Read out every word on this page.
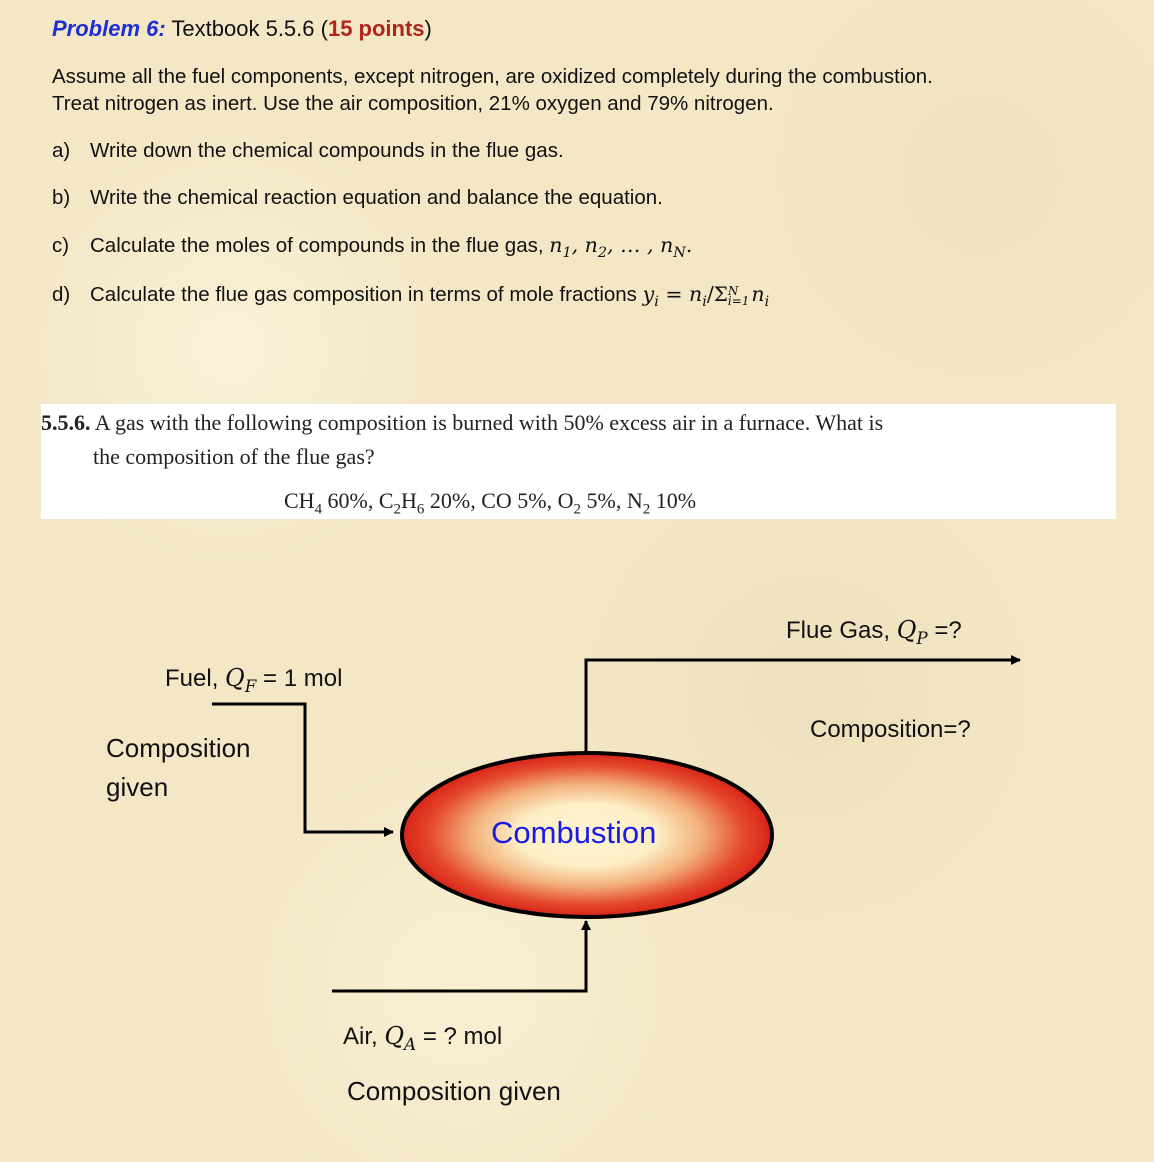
Problem 6: Textbook 5.5.6 (15 points)
Assume all the fuel components, except nitrogen, are oxidized completely during the combustion.
Treat nitrogen as inert. Use the air composition, 21% oxygen and 79% nitrogen.
a) Write down the chemical compounds in the flue gas.
b) Write the chemical reaction equation and balance the equation.
c) Calculate the moles of compounds in the flue gas, $n_1$, $n_2$, … , $n_N$.
d) Calculate the flue gas composition in terms of mole fractions $y_i = n_i/\Sigma$ N
i=1 $n_i$
5.5.6. A gas with the following composition is burned with 50% excess air in a furnace. What is
the composition of the flue gas?
$CH_4$ 60%, $C_2H_6$ 20%, CO 5%, $O_2$ 5%, $N_2$ 10%
Fuel, $Q_F = 1$ mol
Composition
given
Combustion
Flue Gas, $Q_P$ =?
Composition=?
Air, $Q_A$ = ? mol
Composition given
